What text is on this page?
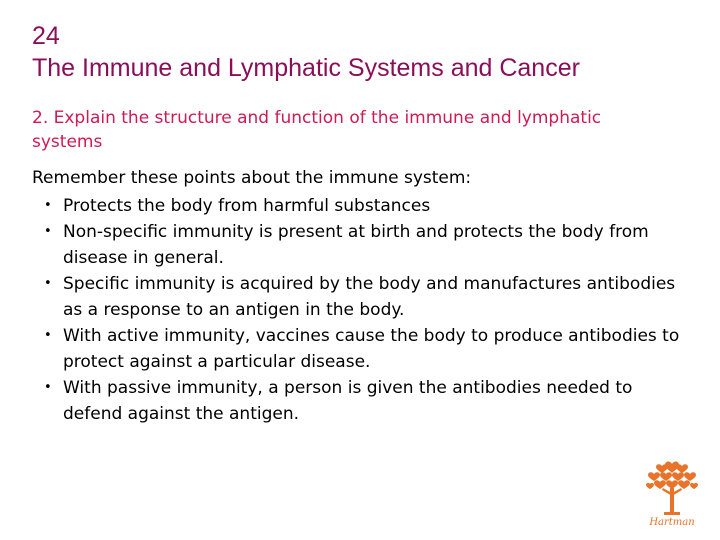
24
The Immune and Lymphatic Systems and Cancer
2. Explain the structure and function of the immune and lymphatic systems
Remember these points about the immune system:
• Protects the body from harmful substances
• Non-specific immunity is present at birth and protects the body from disease in general.
• Specific immunity is acquired by the body and manufactures antibodies as a response to an antigen in the body.
• With active immunity, vaccines cause the body to produce antibodies to protect against a particular disease.
• With passive immunity, a person is given the antibodies needed to defend against the antigen.
Hartman
